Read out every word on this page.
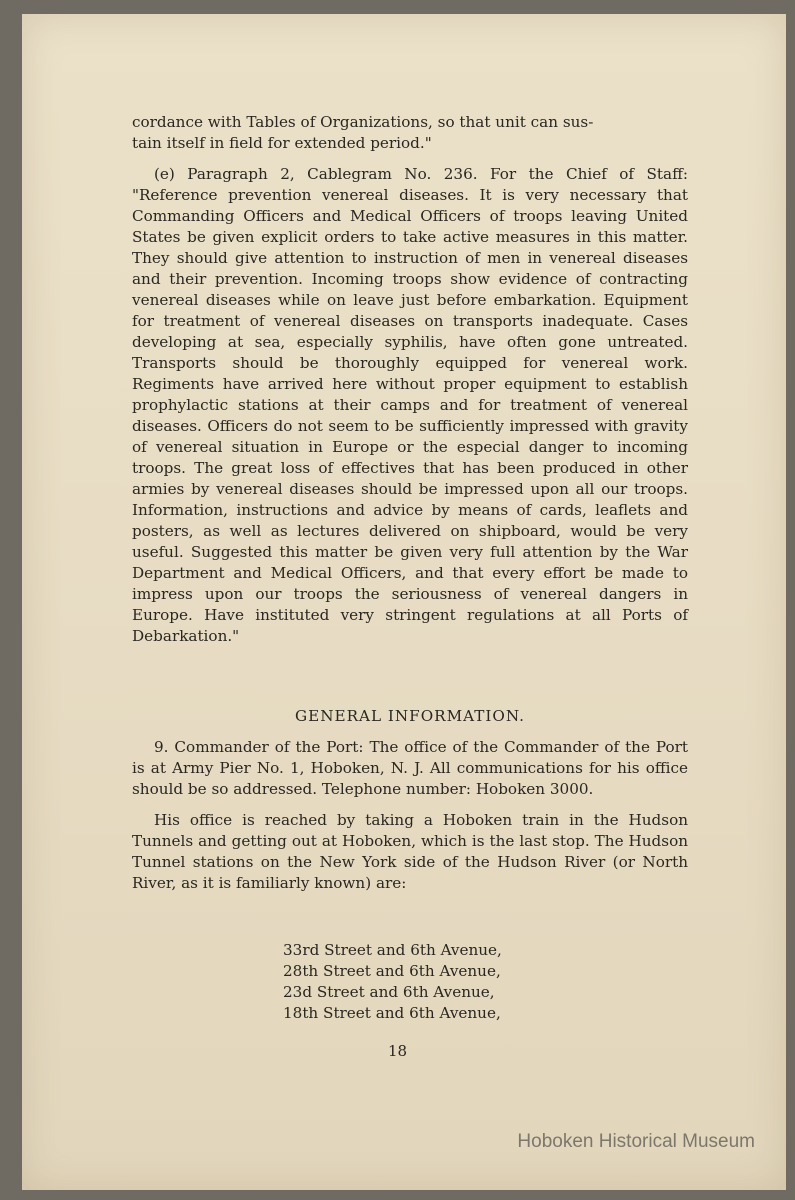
cordance with Tables of Organizations, so that unit can sus-

tain itself in field for extended period."

(e) Paragraph 2, Cablegram No. 236. For the Chief of Staff: "Reference prevention venereal diseases. It is very necessary that Commanding Officers and Medical Officers of troops leaving United States be given explicit orders to take active measures in this matter. They should give attention to instruction of men in venereal diseases and their prevention. Incoming troops show evidence of contracting venereal diseases while on leave just before embarkation. Equipment for treatment of venereal diseases on transports inadequate. Cases developing at sea, especially syphilis, have often gone untreated. Transports should be thoroughly equipped for venereal work. Regiments have arrived here without proper equipment to establish prophylactic stations at their camps and for treatment of venereal diseases. Officers do not seem to be sufficiently impressed with gravity of venereal situation in Europe or the especial danger to incoming troops. The great loss of effectives that has been produced in other armies by venereal diseases should be impressed upon all our troops. Information, instructions and advice by means of cards, leaflets and posters, as well as lectures delivered on shipboard, would be very useful. Suggested this matter be given very full attention by the War Department and Medical Officers, and that every effort be made to impress upon our troops the seriousness of venereal dangers in Europe. Have instituted very stringent regulations at all Ports of Debarkation."

GENERAL INFORMATION.

9. Commander of the Port: The office of the Commander of the Port is at Army Pier No. 1, Hoboken, N. J. All communications for his office should be so addressed. Telephone number: Hoboken 3000.

His office is reached by taking a Hoboken train in the Hudson Tunnels and getting out at Hoboken, which is the last stop. The Hudson Tunnel stations on the New York side of the Hudson River (or North River, as it is familiarly known) are:

33rd Street and 6th Avenue,
28th Street and 6th Avenue,
23d Street and 6th Avenue,
18th Street and 6th Avenue,
18
Hoboken Historical Museum
